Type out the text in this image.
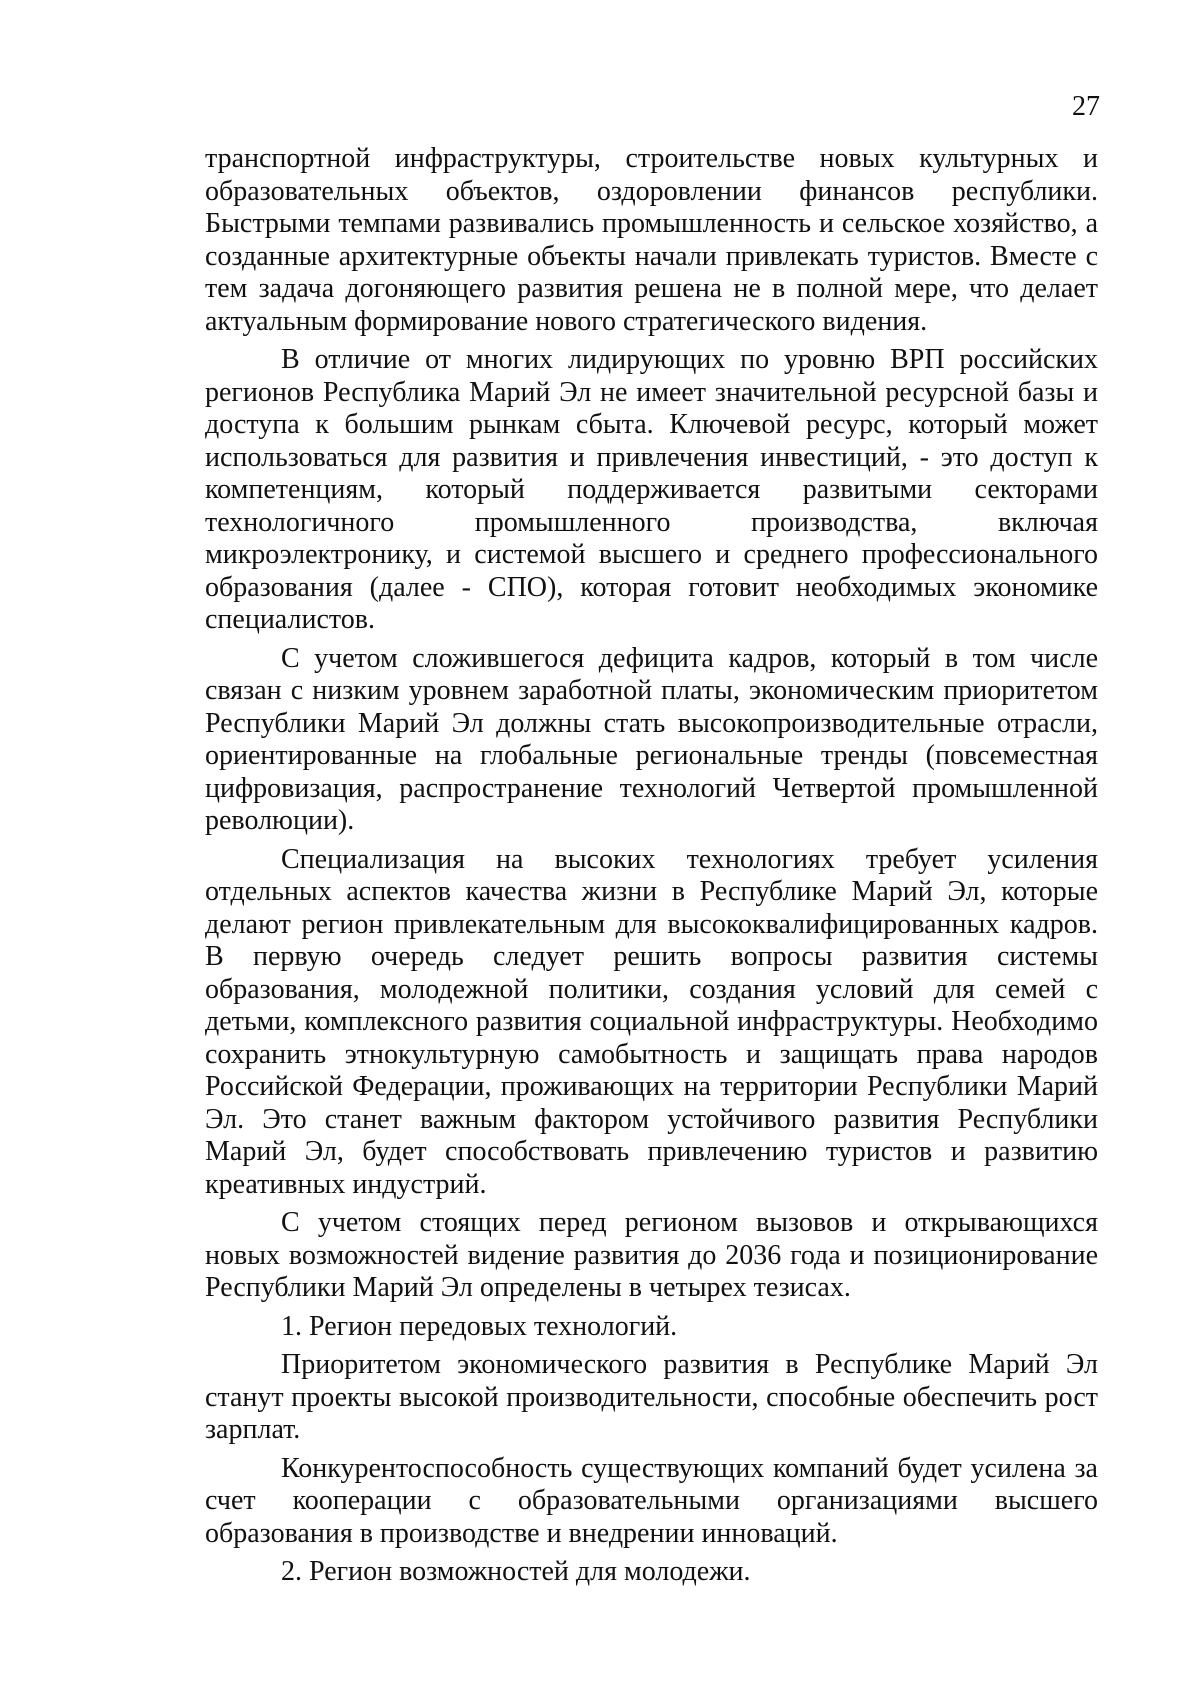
27

транспортной инфраструктуры, строительстве новых культурных и образовательных объектов, оздоровлении финансов республики. Быстрыми темпами развивались промышленность и сельское хозяйство, а созданные архитектурные объекты начали привлекать туристов. Вместе с тем задача догоняющего развития решена не в полной мере, что делает актуальным формирование нового стратегического видения.

В отличие от многих лидирующих по уровню ВРП российских регионов Республика Марий Эл не имеет значительной ресурсной базы и доступа к большим рынкам сбыта. Ключевой ресурс, который может использоваться для развития и привлечения инвестиций, - это доступ к компетенциям, который поддерживается развитыми секторами технологичного промышленного производства, включая микроэлектронику, и системой высшего и среднего профессионального образования (далее - СПО), которая готовит необходимых экономике специалистов.

С учетом сложившегося дефицита кадров, который в том числе связан с низким уровнем заработной платы, экономическим приоритетом Республики Марий Эл должны стать высокопроизводительные отрасли, ориентированные на глобальные региональные тренды (повсеместная цифровизация, распространение технологий Четвертой промышленной революции).

Специализация на высоких технологиях требует усиления отдельных аспектов качества жизни в Республике Марий Эл, которые делают регион привлекательным для высококвалифицированных кадров. В первую очередь следует решить вопросы развития системы образования, молодежной политики, создания условий для семей с детьми, комплексного развития социальной инфраструктуры. Необходимо сохранить этнокультурную самобытность и защищать права народов Российской Федерации, проживающих на территории Республики Марий Эл. Это станет важным фактором устойчивого развития Республики Марий Эл, будет способствовать привлечению туристов и развитию креативных индустрий.

С учетом стоящих перед регионом вызовов и открывающихся новых возможностей видение развития до 2036 года и позиционирование Республики Марий Эл определены в четырех тезисах.

1. Регион передовых технологий.

Приоритетом экономического развития в Республике Марий Эл станут проекты высокой производительности, способные обеспечить рост зарплат.

Конкурентоспособность существующих компаний будет усилена за счет кооперации с образовательными организациями высшего образования в производстве и внедрении инноваций.

2. Регион возможностей для молодежи.
